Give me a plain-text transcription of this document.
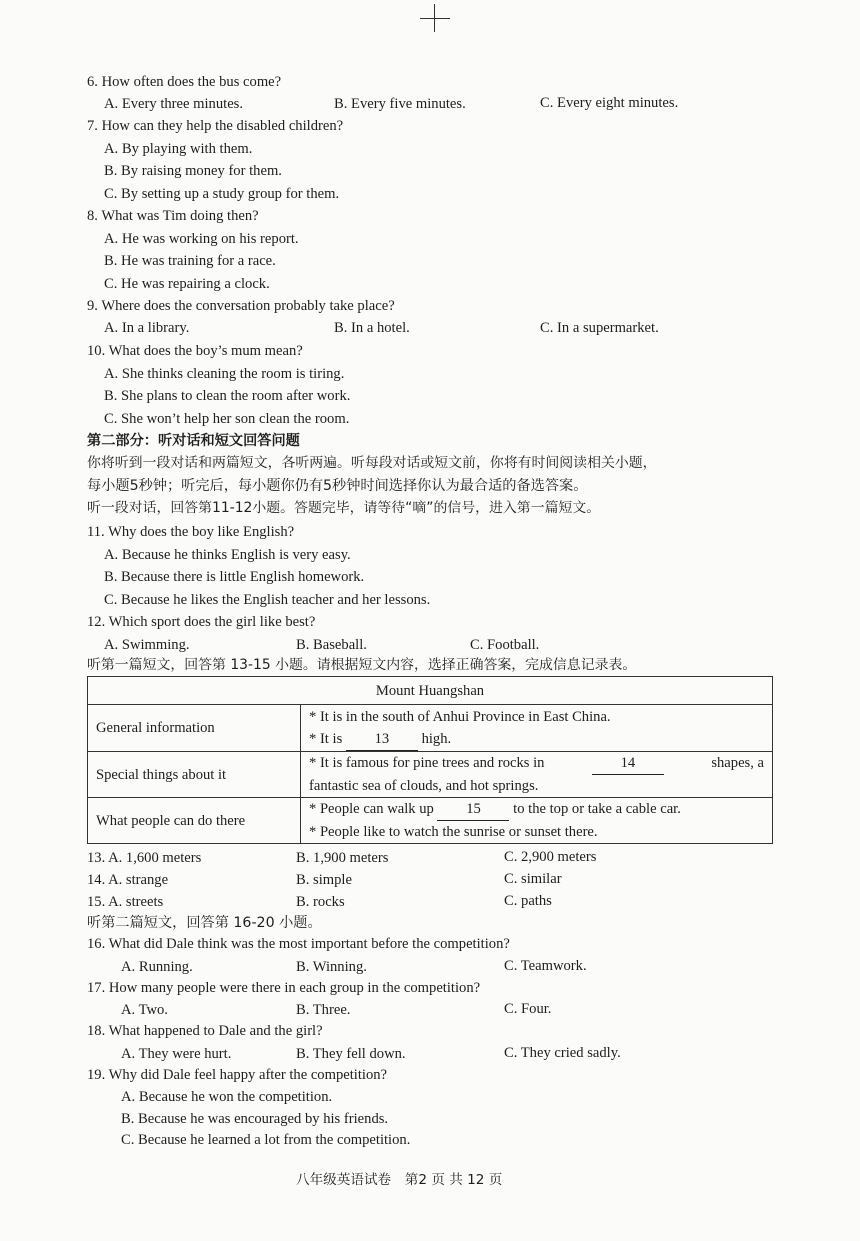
6. How often does the bus come?
A. Every three minutes.	B. Every five minutes.	C. Every eight minutes.
7. How can they help the disabled children?
A. By playing with them.
B. By raising money for them.
C. By setting up a study group for them.
8. What was Tim doing then?
A. He was working on his report.
B. He was training for a race.
C. He was repairing a clock.
9. Where does the conversation probably take place?
A. In a library.	B. In a hotel.	C. In a supermarket.
10. What does the boy’s mum mean?
A. She thinks cleaning the room is tiring.
B. She plans to clean the room after work.
C. She won’t help her son clean the room.
第二部分：听对话和短文回答问题
你将听到一段对话和两篇短文，各听两遍。听每段对话或短文前，你将有时间阅读相关小题，
每小题5秒钟；听完后，每小题你仍有5秒钟时间选择你认为最合适的备选答案。
听一段对话，回答第11-12小题。答题完毕，请等待“嘀”的信号，进入第一篇短文。
11. Why does the boy like English?
A. Because he thinks English is very easy.
B. Because there is little English homework.
C. Because he likes the English teacher and her lessons.
12. Which sport does the girl like best?
A. Swimming.	B. Baseball.	C. Football.
听第一篇短文，回答第 13-15 小题。请根据短文内容，选择正确答案，完成信息记录表。
Mount Huangshan	
General information	* It is in the south of Anhui Province in East China.
* It is 13 high.

Special things about it	* It is famous for pine trees and rocks in 14 shapes, a
fantastic sea of clouds, and hot springs.

What people can do there	* People can walk up 15 to the top or take a cable car.
* People like to watch the sunrise or sunset there.
13. A. 1,600 meters	B. 1,900 meters	C. 2,900 meters
14. A. strange	B. simple	C. similar
15. A. streets	B. rocks	C. paths
听第二篇短文，回答第 16-20 小题。
16. What did Dale think was the most important before the competition?
A. Running.	B. Winning.	C. Teamwork.
17. How many people were there in each group in the competition?
A. Two.	B. Three.	C. Four.
18. What happened to Dale and the girl?
A. They were hurt.	B. They fell down.	C. They cried sadly.
19. Why did Dale feel happy after the competition?
A. Because he won the competition.
B. Because he was encouraged by his friends.
C. Because he learned a lot from the competition.
八年级英语试卷　第2 页 共 12 页
